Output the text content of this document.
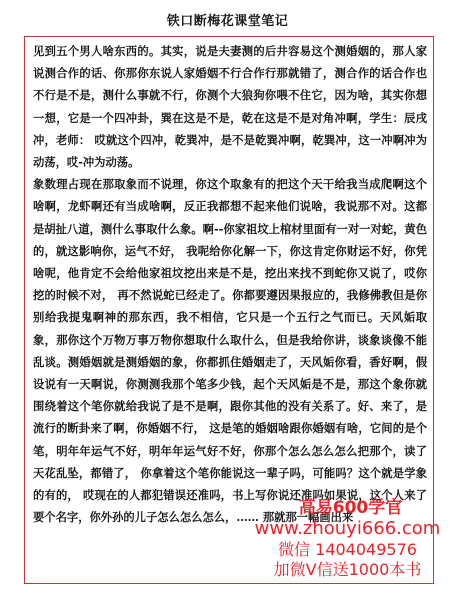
铁口断梅花课堂笔记

见到五个男人啥东西的。其实，说是夫妻测的后井容易这个测婚姻的，那人家说测合作的话、你那你东说人家婚姻不行合作行那就错了，测合作的话合作也不行是不是，测什么事就不行，你测个大狼狗你喂不住它，因为啥，其实你想一想，它是一个四冲卦，巽在这是不是，乾在这是不是对角冲啊，学生：辰戌冲，老师： 哎就这个四冲，乾巽冲，是不是乾巽冲啊，乾巽冲，这一冲啊冲为动荡，哎-冲为动荡。

象数理占现在那取象而不说理，你这个取象有的把这个天干给我当成爬啊这个啥啊，龙虾啊还有当成啥啊，反正我都想不起来他们说啥，我说那不对。这都是胡扯八道，测什么事取什么象。啊--你家祖坟上棺材里面有一对一对蛇，黄色的，就这影响你，运气不好， 我呢给你化解一下，你这肯定你财运不好，你凭啥呢，他肯定不会给他家祖坟挖出来是不是，挖出来找不到蛇你又说了，哎你挖的时候不对， 再不然说蛇已经走了。你都要遵因果报应的，我修佛教但是你别给我提鬼啊神的那东西，我不相信，它只是一个五行之气而已。天风姤取象，那你这个万物万事万物你想取什么取什么，但是我给你讲，谈象谈像不能乱谈。测婚姻就是测婚姻的象，你都抓住婚姻走了，天风姤你看，香好啊，假设说有一天啊说，你测测我那个笔多少钱，起个天风姤是不是，那这个象你就围绕着这个笔你就给我说了是不是啊，跟你其他的没有关系了。好、来了，是流行的断卦来了啊，你婚姻不行， 这是笔的婚姻啥跟你婚姻有啥，它间的是个笔，明年年运气不好，明年年运气好不好，你那个怎么怎么怎么把那个，读了天花乱坠，都错了， 你拿着这个笔你能说这一辈子吗，可能吗？这个就是学象的有的， 哎现在的人都犯错误还准吗，书上写你说还准吗如果说，这个人来了要个名字，你外孙的儿子怎么怎么怎么，…… 那就那一幅画出来

高易600学官
www.zhouyi666.com
微信 1404049576
加微V信送1000本书
